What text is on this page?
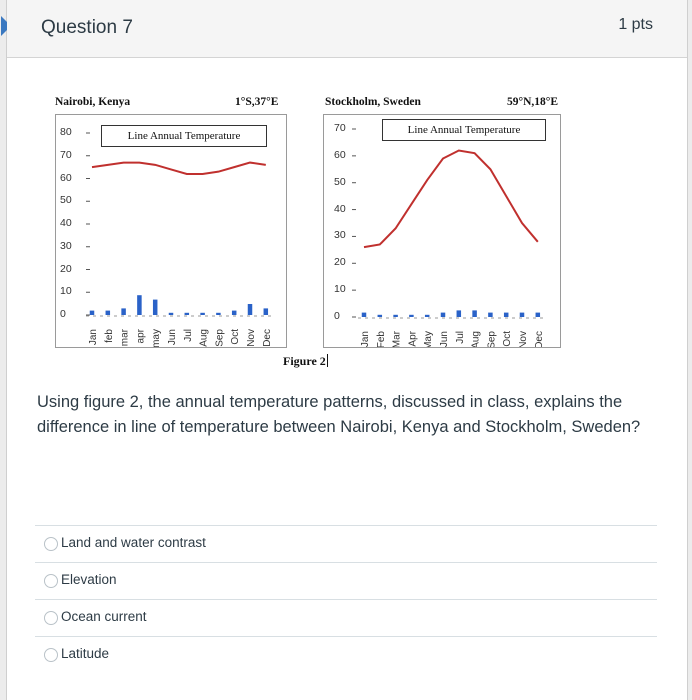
Question 7	1 pts
Nairobi, Kenya	1°S,37°E
Jan feb mar apr may Jun Jul Aug Sep Oct Nov Dec
Line Annual Temperature
80
70
60
50
40
30
20
10
0
Stockholm, Sweden	59°N,18°E
Jan Feb Mar Apr May Jun Jul Aug Sep Oct Nov Dec
Line Annual Temperature
70
60
50
40
30
20
10
0
Figure 2
Using figure 2, the annual temperature patterns, discussed in class, explains the difference in line of temperature between Nairobi, Kenya and Stockholm, Sweden?
Land and water contrast
Elevation
Ocean current
Latitude
